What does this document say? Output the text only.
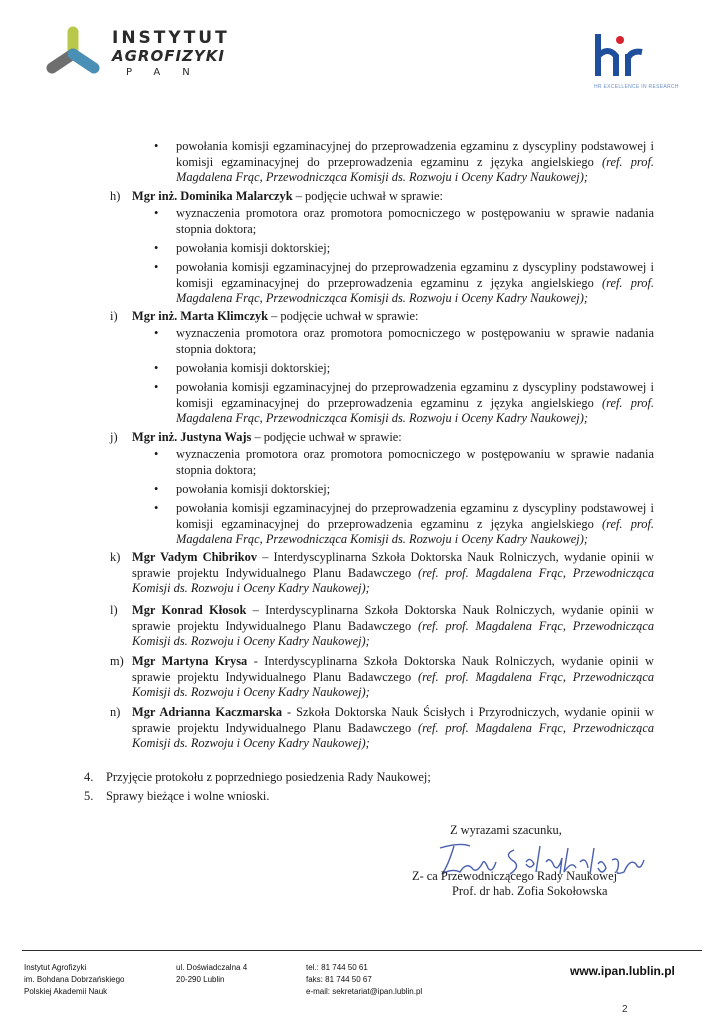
INSTYTUT
AGROFIZYKI
PAN
HR EXCELLENCE IN RESEARCH
• powołania komisji egzaminacyjnej do przeprowadzenia egzaminu z dyscypliny podstawowej i komisji egzaminacyjnej do przeprowadzenia egzaminu z języka angielskiego (ref. prof. Magdalena Frąc, Przewodnicząca Komisji ds. Rozwoju i Oceny Kadry Naukowej);
h) Mgr inż. Dominika Malarczyk – podjęcie uchwał w sprawie:
• wyznaczenia promotora oraz promotora pomocniczego w postępowaniu w sprawie nadania stopnia doktora;
• powołania komisji doktorskiej;
• powołania komisji egzaminacyjnej do przeprowadzenia egzaminu z dyscypliny podstawowej i komisji egzaminacyjnej do przeprowadzenia egzaminu z języka angielskiego (ref. prof. Magdalena Frąc, Przewodnicząca Komisji ds. Rozwoju i Oceny Kadry Naukowej);
i) Mgr inż. Marta Klimczyk – podjęcie uchwał w sprawie:
• wyznaczenia promotora oraz promotora pomocniczego w postępowaniu w sprawie nadania stopnia doktora;
• powołania komisji doktorskiej;
• powołania komisji egzaminacyjnej do przeprowadzenia egzaminu z dyscypliny podstawowej i komisji egzaminacyjnej do przeprowadzenia egzaminu z języka angielskiego (ref. prof. Magdalena Frąc, Przewodnicząca Komisji ds. Rozwoju i Oceny Kadry Naukowej);
j) Mgr inż. Justyna Wajs – podjęcie uchwał w sprawie:
• wyznaczenia promotora oraz promotora pomocniczego w postępowaniu w sprawie nadania stopnia doktora;
• powołania komisji doktorskiej;
• powołania komisji egzaminacyjnej do przeprowadzenia egzaminu z dyscypliny podstawowej i komisji egzaminacyjnej do przeprowadzenia egzaminu z języka angielskiego (ref. prof. Magdalena Frąc, Przewodnicząca Komisji ds. Rozwoju i Oceny Kadry Naukowej);
k) Mgr Vadym Chibrikov – Interdyscyplinarna Szkoła Doktorska Nauk Rolniczych, wydanie opinii w sprawie projektu Indywidualnego Planu Badawczego (ref. prof. Magdalena Frąc, Przewodnicząca Komisji ds. Rozwoju i Oceny Kadry Naukowej);
l) Mgr Konrad Kłosok – Interdyscyplinarna Szkoła Doktorska Nauk Rolniczych, wydanie opinii w sprawie projektu Indywidualnego Planu Badawczego (ref. prof. Magdalena Frąc, Przewodnicząca Komisji ds. Rozwoju i Oceny Kadry Naukowej);
m) Mgr Martyna Krysa - Interdyscyplinarna Szkoła Doktorska Nauk Rolniczych, wydanie opinii w sprawie projektu Indywidualnego Planu Badawczego (ref. prof. Magdalena Frąc, Przewodnicząca Komisji ds. Rozwoju i Oceny Kadry Naukowej);
n) Mgr Adrianna Kaczmarska - Szkoła Doktorska Nauk Ścisłych i Przyrodniczych, wydanie opinii w sprawie projektu Indywidualnego Planu Badawczego (ref. prof. Magdalena Frąc, Przewodnicząca Komisji ds. Rozwoju i Oceny Kadry Naukowej);
4. Przyjęcie protokołu z poprzedniego posiedzenia Rady Naukowej;
5. Sprawy bieżące i wolne wnioski.
Z wyrazami szacunku,
Z- ca Przewodniczącego Rady Naukowej
Prof. dr hab. Zofia Sokołowska
Instytut Agrofizyki
im. Bohdana Dobrzańskiego
Polskiej Akademii Nauk
ul. Doświadczalna 4
20-290 Lublin
tel.: 81 744 50 61
faks: 81 744 50 67
e-mail: sekretariat@ipan.lublin.pl
www.ipan.lublin.pl
2
